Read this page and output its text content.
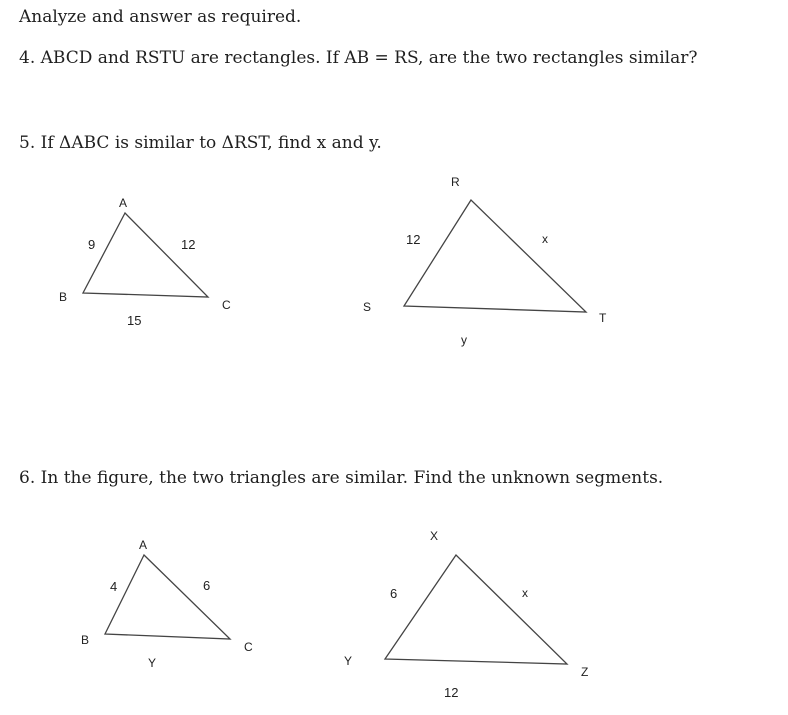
Analyze and answer as required.
4. ABCD and RSTU are rectangles. If AB = RS, are the two rectangles similar?
5. If ΔABC is similar to ΔRST, find x and y.
6. In the figure, the two triangles are similar. Find the unknown segments.
A
B
C
9	12
15
R
S
T
12	x
y
A
B	C
4	6
Y
X
Y
Z
6	x
12
